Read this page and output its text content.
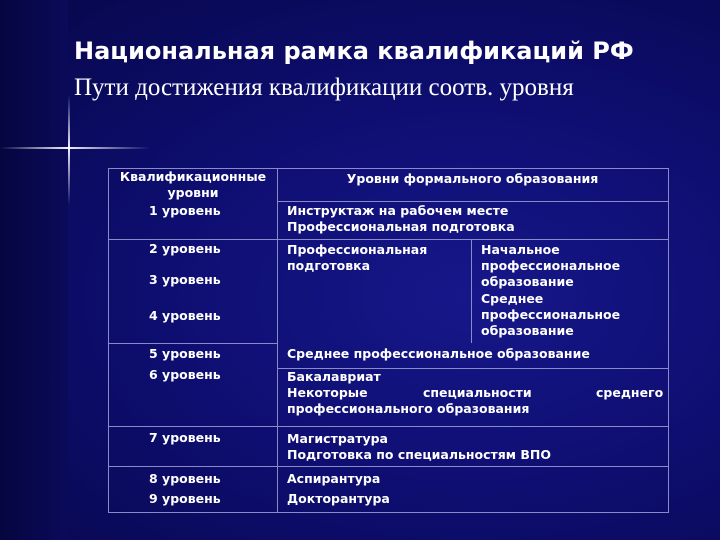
Национальная рамка квалификаций РФ
Пути достижения квалификации соотв. уровня
Квалификационные
уровни
Уровни формального образования
1 уровень
2 уровень
3 уровень
4 уровень
5 уровень
6 уровень
7 уровень
8 уровень
9 уровень
Инструктаж на рабочем месте
Профессиональная подготовка
Профессиональная
подготовка
Начальное
профессиональное
образование
Среднее
профессиональное
образование
Среднее профессиональное образование
Бакалавриат
Некоторые	специальности	среднего
профессионального образования
Магистратура
Подготовка по специальностям ВПО
Аспирантура
Докторантура
